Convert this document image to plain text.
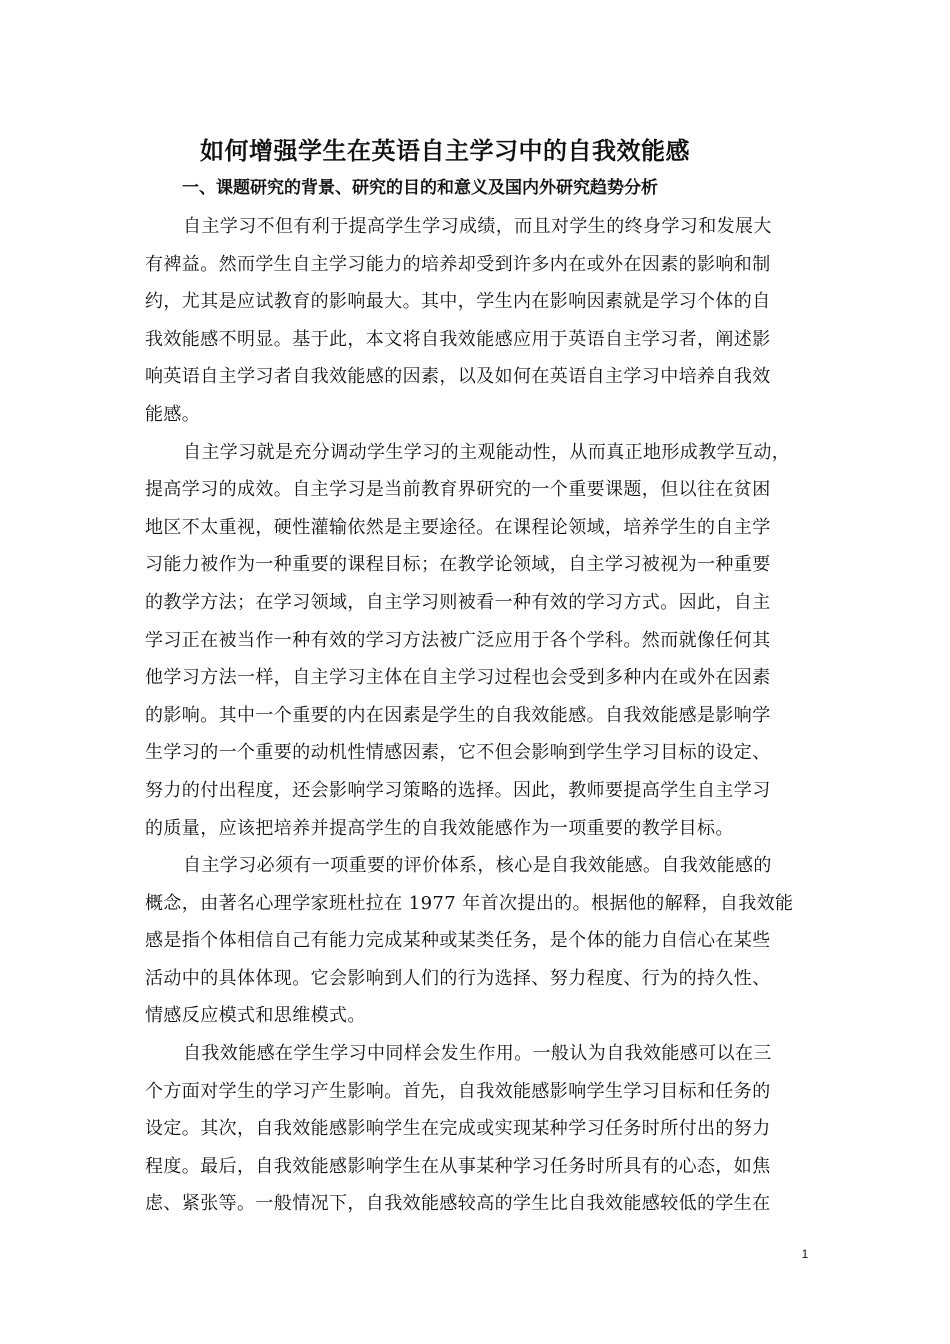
如何增强学生在英语自主学习中的自我效能感
一、课题研究的背景、研究的目的和意义及国内外研究趋势分析
自主学习不但有利于提高学生学习成绩，而且对学生的终身学习和发展大
有裨益。然而学生自主学习能力的培养却受到许多内在或外在因素的影响和制
约，尤其是应试教育的影响最大。其中，学生内在影响因素就是学习个体的自
我效能感不明显。基于此，本文将自我效能感应用于英语自主学习者，阐述影
响英语自主学习者自我效能感的因素，以及如何在英语自主学习中培养自我效
能感。
自主学习就是充分调动学生学习的主观能动性，从而真正地形成教学互动，
提高学习的成效。自主学习是当前教育界研究的一个重要课题，但以往在贫困
地区不太重视，硬性灌输依然是主要途径。在课程论领域，培养学生的自主学
习能力被作为一种重要的课程目标；在教学论领域，自主学习被视为一种重要
的教学方法；在学习领域，自主学习则被看一种有效的学习方式。因此，自主
学习正在被当作一种有效的学习方法被广泛应用于各个学科。然而就像任何其
他学习方法一样，自主学习主体在自主学习过程也会受到多种内在或外在因素
的影响。其中一个重要的内在因素是学生的自我效能感。自我效能感是影响学
生学习的一个重要的动机性情感因素，它不但会影响到学生学习目标的设定、
努力的付出程度，还会影响学习策略的选择。因此，教师要提高学生自主学习
的质量，应该把培养并提高学生的自我效能感作为一项重要的教学目标。
自主学习必须有一项重要的评价体系，核心是自我效能感。自我效能感的
概念，由著名心理学家班杜拉在 1977 年首次提出的。根据他的解释，自我效能
感是指个体相信自己有能力完成某种或某类任务，是个体的能力自信心在某些
活动中的具体体现。它会影响到人们的行为选择、努力程度、行为的持久性、
情感反应模式和思维模式。
自我效能感在学生学习中同样会发生作用。一般认为自我效能感可以在三
个方面对学生的学习产生影响。首先，自我效能感影响学生学习目标和任务的
设定。其次，自我效能感影响学生在完成或实现某种学习任务时所付出的努力
程度。最后，自我效能感影响学生在从事某种学习任务时所具有的心态，如焦
虑、紧张等。一般情况下，自我效能感较高的学生比自我效能感较低的学生在
1
